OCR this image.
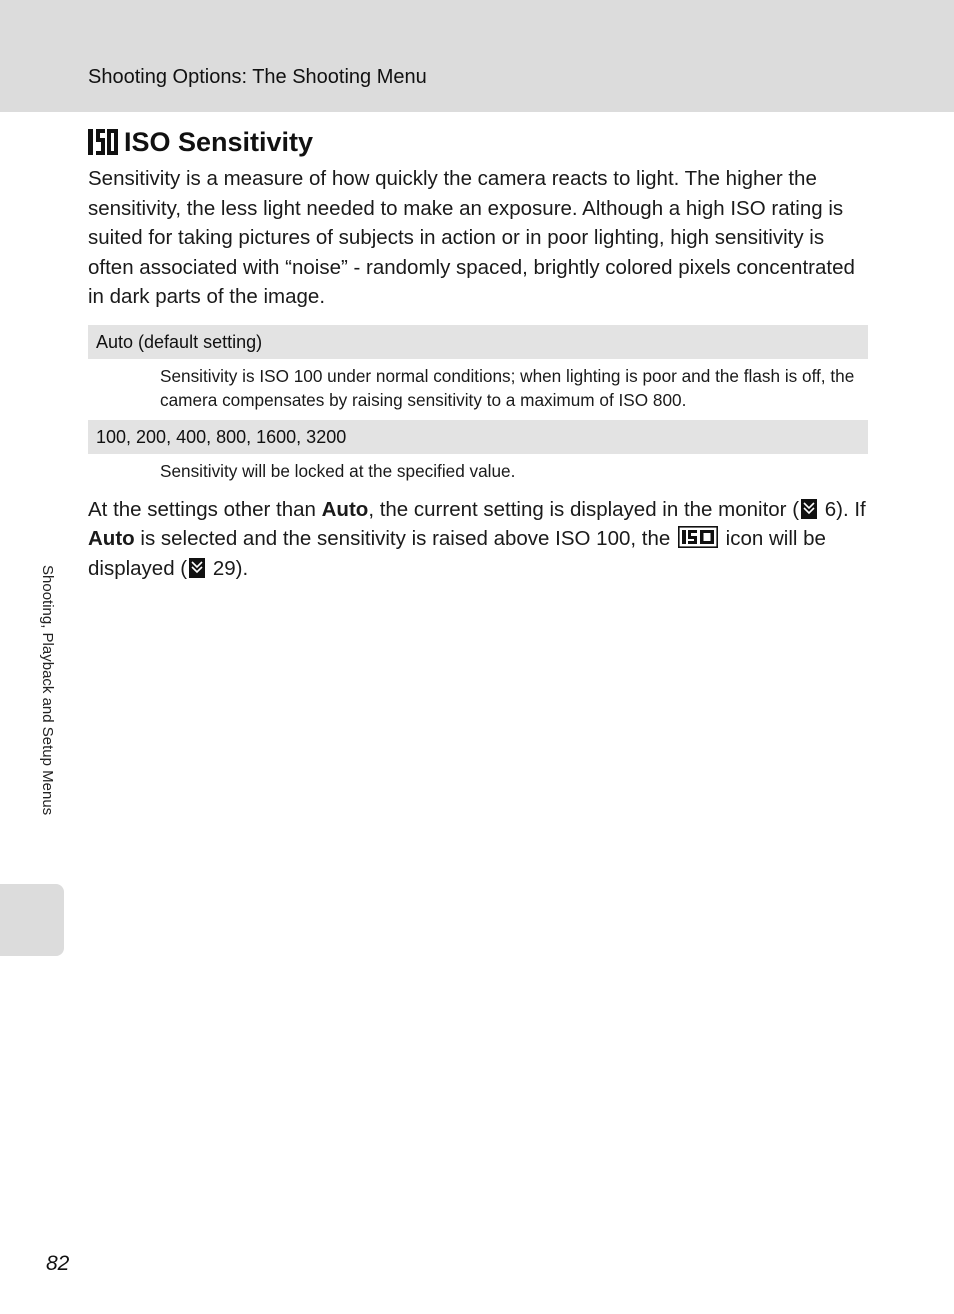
Shooting Options: The Shooting Menu
ISO Sensitivity

Sensitivity is a measure of how quickly the camera reacts to light. The higher the sensitivity, the less light needed to make an exposure. Although a high ISO rating is suited for taking pictures of subjects in action or in poor lighting, high sensitivity is often associated with “noise” - randomly spaced, brightly colored pixels concentrated in dark parts of the image.

Auto (default setting)
Sensitivity is ISO 100 under normal conditions; when lighting is poor and the flash is off, the camera compensates by raising sensitivity to a maximum of ISO 800.
100, 200, 400, 800, 1600, 3200
Sensitivity will be locked at the specified value.

At the settings other than Auto, the current setting is displayed in the monitor ( 6). If Auto is selected and the sensitivity is raised above ISO 100, the  icon will be displayed ( 29).

Shooting, Playback and Setup Menus
82
